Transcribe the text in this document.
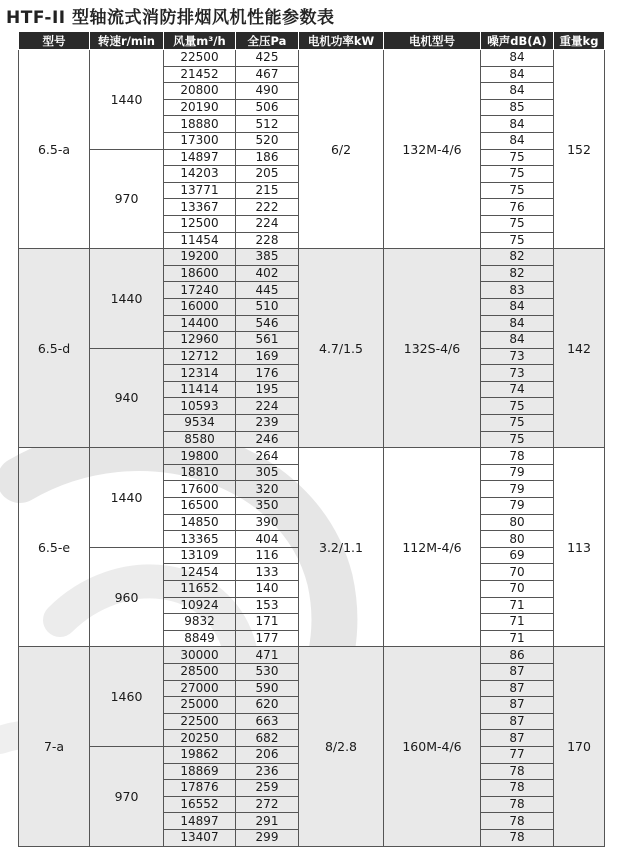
HTF-II 型轴流式消防排烟风机性能参数表
型号	转速r/min	风量m³/h	全压Pa	电机功率kW	电机型号	噪声dB(A)	重量kg
6.5-a	1440	22500	425	6/2	132M-4/6	84	152
		21452	467			84	
		20800	490			84	
		20190	506			85	
		18880	512			84	
		17300	520			84	
	970	14897	186			75	
		14203	205			75	
		13771	215			75	
		13367	222			76	
		12500	224			75	
		11454	228			75	
6.5-d	1440	19200	385	4.7/1.5	132S-4/6	82	142
		18600	402			82	
		17240	445			83	
		16000	510			84	
		14400	546			84	
		12960	561			84	
	940	12712	169			73	
		12314	176			73	
		11414	195			74	
		10593	224			75	
		9534	239			75	
		8580	246			75	
6.5-e	1440	19800	264	3.2/1.1	112M-4/6	78	113
		18810	305			79	
		17600	320			79	
		16500	350			79	
		14850	390			80	
		13365	404			80	
	960	13109	116			69	
		12454	133			70	
		11652	140			70	
		10924	153			71	
		9832	171			71	
		8849	177			71	
7-a	1460	30000	471	8/2.8	160M-4/6	86	170
		28500	530			87	
		27000	590			87	
		25000	620			87	
		22500	663			87	
		20250	682			87	
	970	19862	206			77	
		18869	236			78	
		17876	259			78	
		16552	272			78	
		14897	291			78	
		13407	299			78	
